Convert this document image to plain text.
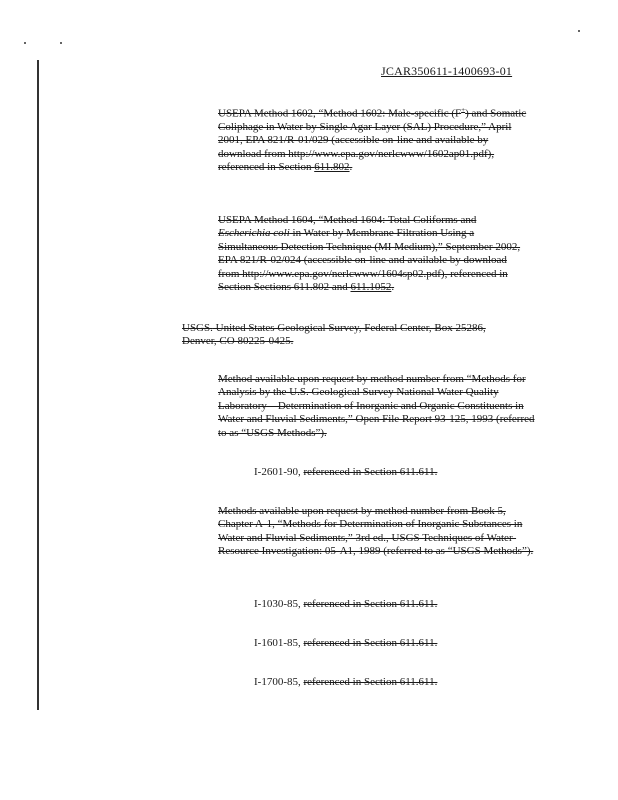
JCAR350611-1400693-01

USEPA Method 1602, “Method 1602: Male-specific (F+) and Somatic Coliphage in Water by Single Agar Layer (SAL) Procedure,” April 2001, EPA 821/R-01/029 (accessible on-line and available by download from http://www.epa.gov/nerlcwww/1602ap01.pdf), referenced in Section 611.802.

USEPA Method 1604, “Method 1604: Total Coliforms and Escherichia coli in Water by Membrane Filtration Using a Simultaneous Detection Technique (MI Medium),” September 2002, EPA 821/R-02/024 (accessible on-line and available by download from http://www.epa.gov/nerlcwww/1604sp02.pdf), referenced in Section Sections 611.802 and 611.1052.

USGS. United States Geological Survey, Federal Center, Box 25286, Denver, CO 80225-0425.

Method available upon request by method number from “Methods for Analysis by the U.S. Geological Survey National Water Quality Laboratory – Determination of Inorganic and Organic Constituents in Water and Fluvial Sediments,” Open File Report 93-125, 1993 (referred to as “USGS Methods”).

I-2601-90, referenced in Section 611.611.

Methods available upon request by method number from Book 5, Chapter A-1, “Methods for Determination of Inorganic Substances in Water and Fluvial Sediments,” 3rd ed., USGS Techniques of Water-Resource Investigation: 05-A1, 1989 (referred to as “USGS Methods”).

I-1030-85, referenced in Section 611.611.

I-1601-85, referenced in Section 611.611.

I-1700-85, referenced in Section 611.611.
